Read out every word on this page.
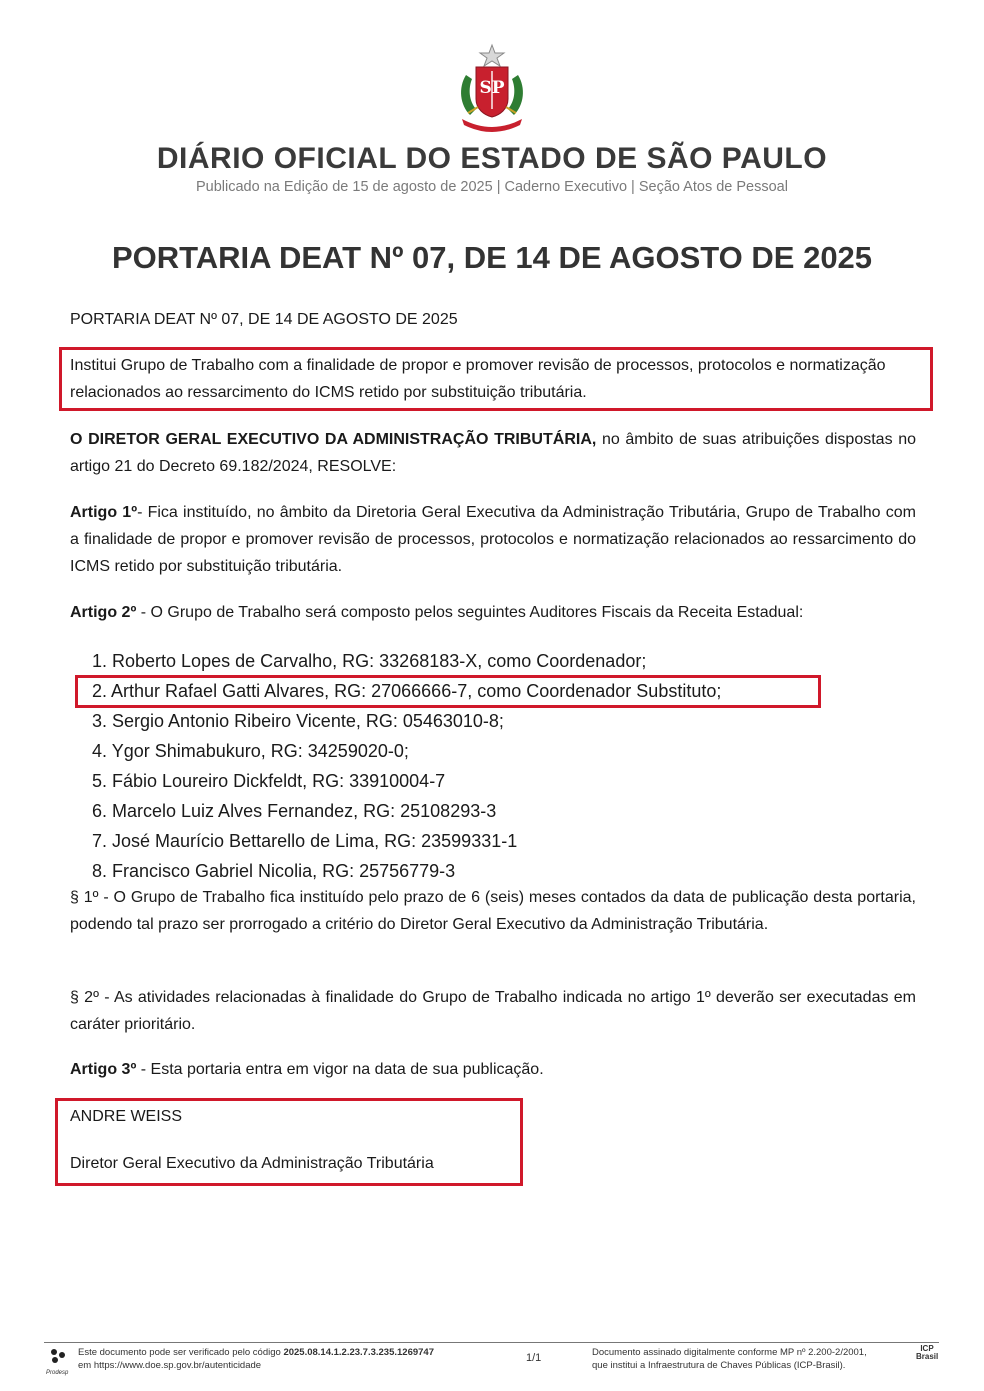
SP
DIÁRIO OFICIAL DO ESTADO DE SÃO PAULO
Publicado na Edição de 15 de agosto de 2025 | Caderno Executivo | Seção Atos de Pessoal
PORTARIA DEAT Nº 07, DE 14 DE AGOSTO DE 2025
PORTARIA DEAT Nº 07, DE 14 DE AGOSTO DE 2025
Institui Grupo de Trabalho com a finalidade de propor e promover revisão de processos, protocolos e normatização relacionados ao ressarcimento do ICMS retido por substituição tributária.
O DIRETOR GERAL EXECUTIVO DA ADMINISTRAÇÃO TRIBUTÁRIA, no âmbito de suas atribuições dispostas no artigo 21 do Decreto 69.182/2024, RESOLVE:
Artigo 1º- Fica instituído, no âmbito da Diretoria Geral Executiva da Administração Tributária, Grupo de Trabalho com a finalidade de propor e promover revisão de processos, protocolos e normatização relacionados ao ressarcimento do ICMS retido por substituição tributária.
Artigo 2º - O Grupo de Trabalho será composto pelos seguintes Auditores Fiscais da Receita Estadual:
1. Roberto Lopes de Carvalho, RG: 33268183-X, como Coordenador;
2. Arthur Rafael Gatti Alvares, RG: 27066666-7, como Coordenador Substituto;
3. Sergio Antonio Ribeiro Vicente, RG: 05463010-8;
4. Ygor Shimabukuro, RG: 34259020-0;
5. Fábio Loureiro Dickfeldt, RG: 33910004-7
6. Marcelo Luiz Alves Fernandez, RG: 25108293-3
7. José Maurício Bettarello de Lima, RG: 23599331-1
8. Francisco Gabriel Nicolia, RG: 25756779-3
§ 1º - O Grupo de Trabalho fica instituído pelo prazo de 6 (seis) meses contados da data de publicação desta portaria, podendo tal prazo ser prorrogado a critério do Diretor Geral Executivo da Administração Tributária.
§ 2º - As atividades relacionadas à finalidade do Grupo de Trabalho indicada no artigo 1º deverão ser executadas em caráter prioritário.
Artigo 3º - Esta portaria entra em vigor na data de sua publicação.
ANDRE WEISS
Diretor Geral Executivo da Administração Tributária
Prodesp
Este documento pode ser verificado pelo código 2025.08.14.1.2.23.7.3.235.1269747
em https://www.doe.sp.gov.br/autenticidade
1/1	Documento assinado digitalmente conforme MP nº 2.200-2/2001,
que institui a Infraestrutura de Chaves Públicas (ICP-Brasil).
ICP Brasil
